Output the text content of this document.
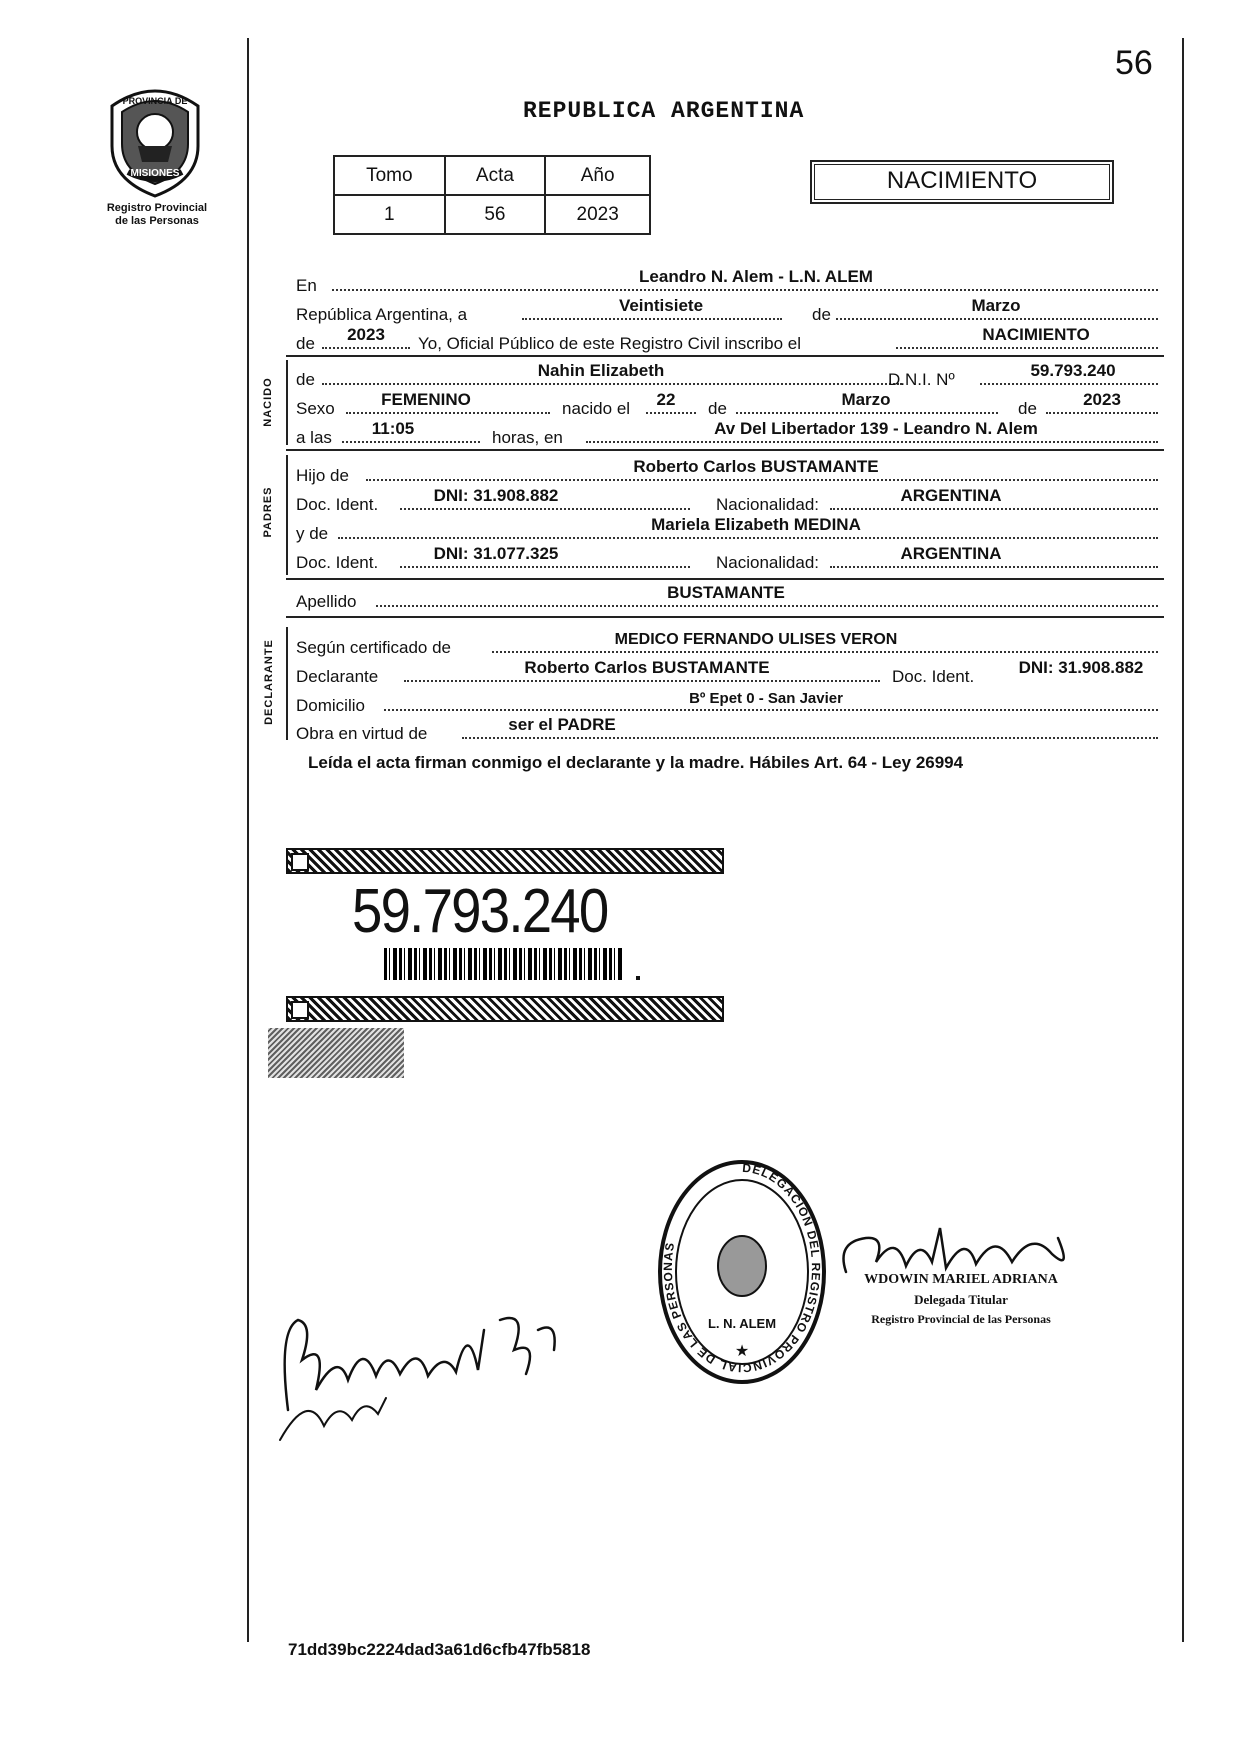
56
PROVINCIA DE
MISIONES
Registro Provincial
de las Personas
REPUBLICA ARGENTINA
Tomo	Acta	Año
1	56	2023
NACIMIENTO
En	Leandro N. Alem - L.N. ALEM
República Argentina, a	Veintisiete	de	Marzo
de	2023	Yo, Oficial Público de este Registro Civil inscribo el	NACIMIENTO
NACIDO de	Nahin Elizabeth	D.N.I. Nº	59.793.240
Sexo	FEMENINO	nacido el	22	de	Marzo	de	2023
a las	11:05	horas, en	Av Del Libertador 139 - Leandro N. Alem
PADRES
Hijo de	Roberto Carlos BUSTAMANTE
Doc. Ident.	DNI: 31.908.882	Nacionalidad:	ARGENTINA
y de	Mariela Elizabeth MEDINA
Doc. Ident.	DNI: 31.077.325	Nacionalidad:	ARGENTINA
Apellido	BUSTAMANTE
DECLARANTE Según certificado de	MEDICO FERNANDO ULISES VERON
Declarante	Roberto Carlos BUSTAMANTE	Doc. Ident.	DNI: 31.908.882
Domicilio	Bº Epet 0 - San Javier
Obra en virtud de	ser el PADRE
Leída el acta firman conmigo el declarante y la madre. Hábiles Art. 64 - Ley 26994
59.793.240
DELEGACION DEL REGISTRO PROVINCIAL DE LAS PERSONAS
L. N. ALEM
★
WDOWIN MARIEL ADRIANA
Delegada Titular
Registro Provincial de las Personas
71dd39bc2224dad3a61d6cfb47fb5818
